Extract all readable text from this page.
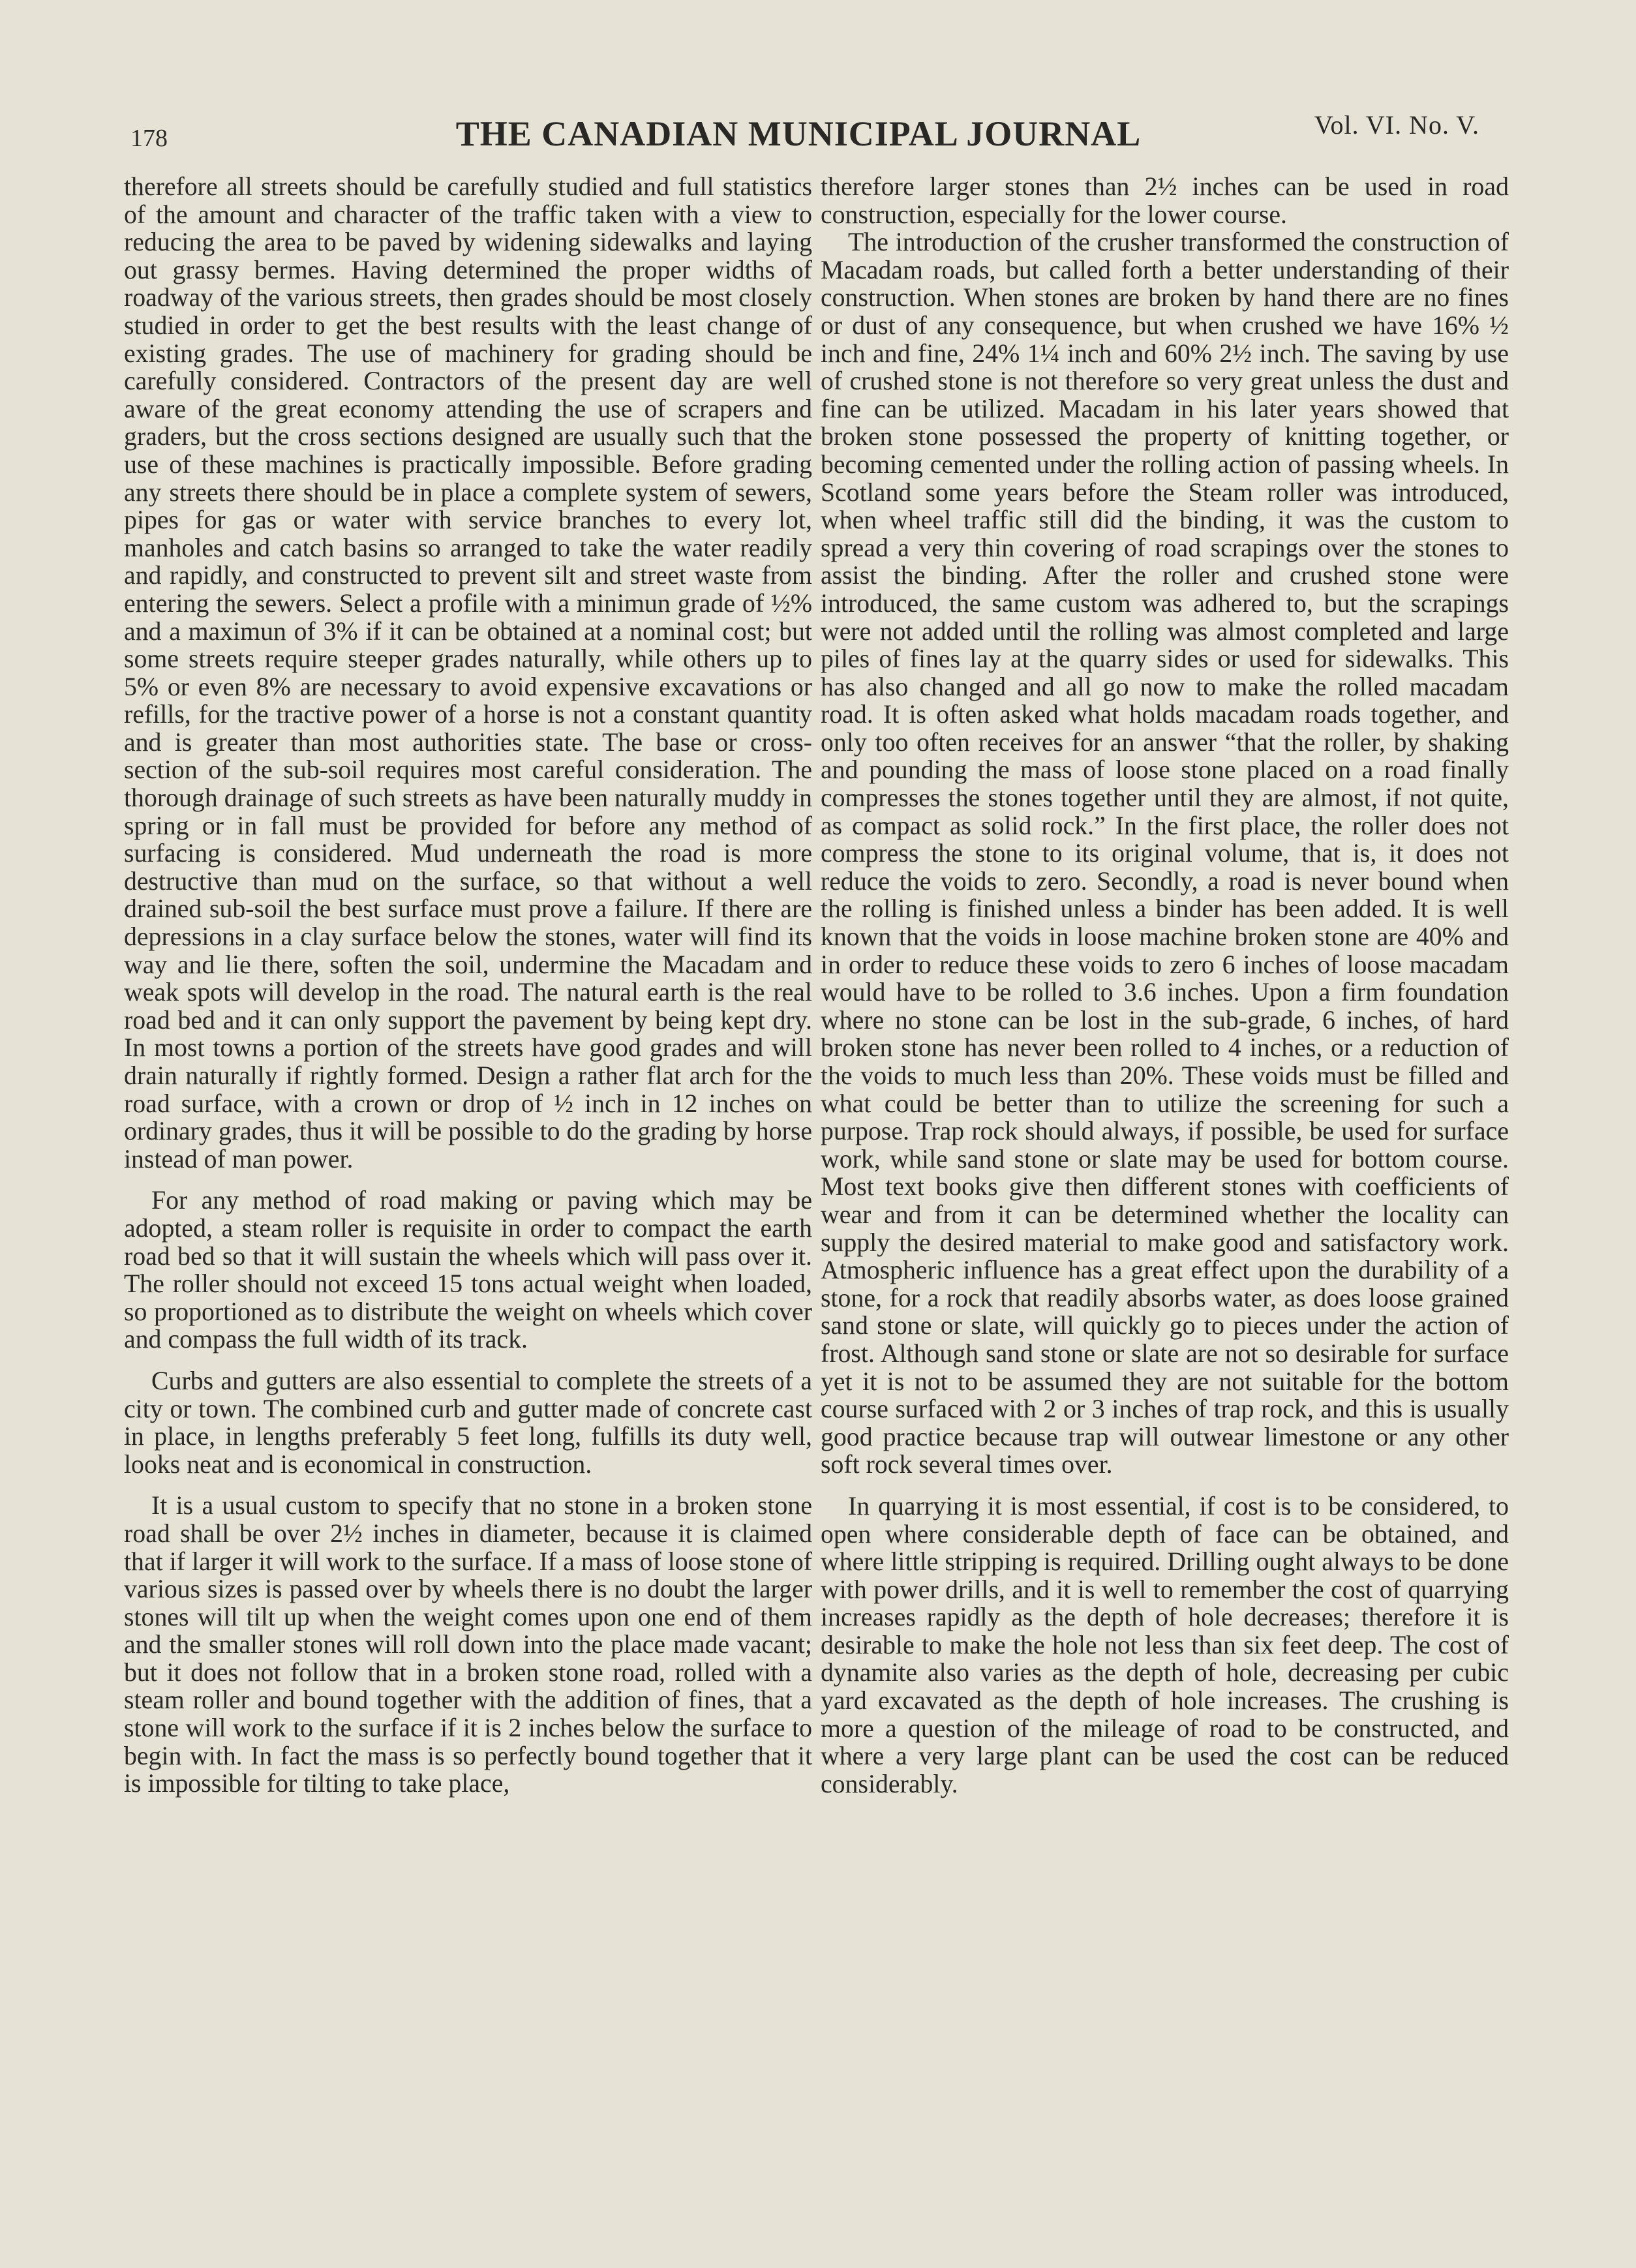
178	THE CANADIAN MUNICIPAL JOURNAL	Vol. VI. No. V.

therefore all streets should be carefully studied and full statistics of the amount and character of the traffic taken with a view to reducing the area to be paved by widening sidewalks and laying out grassy bermes. Having determined the proper widths of roadway of the various streets, then grades should be most closely studied in order to get the best results with the least change of existing grades. The use of machinery for grading should be carefully considered. Contractors of the present day are well aware of the great economy attending the use of scrapers and graders, but the cross sections designed are usually such that the use of these machines is practically impossible. Before grading any streets there should be in place a complete system of sewers, pipes for gas or water with service branches to every lot, manholes and catch basins so arranged to take the water readily and rapidly, and constructed to prevent silt and street waste from entering the sewers. Select a profile with a minimun grade of ½% and a maximun of 3% if it can be obtained at a nominal cost; but some streets require steeper grades naturally, while others up to 5% or even 8% are necessary to avoid expensive excavations or refills, for the tractive power of a horse is not a constant quantity and is greater than most authorities state. The base or cross-section of the sub-soil requires most careful consideration. The thorough drainage of such streets as have been naturally muddy in spring or in fall must be provided for before any method of surfacing is considered. Mud underneath the road is more destructive than mud on the surface, so that without a well drained sub-soil the best surface must prove a failure. If there are depressions in a clay surface below the stones, water will find its way and lie there, soften the soil, undermine the Macadam and weak spots will develop in the road. The natural earth is the real road bed and it can only support the pavement by being kept dry. In most towns a portion of the streets have good grades and will drain naturally if rightly formed. Design a rather flat arch for the road surface, with a crown or drop of ½ inch in 12 inches on ordinary grades, thus it will be possible to do the grading by horse instead of man power.

For any method of road making or paving which may be adopted, a steam roller is requisite in order to compact the earth road bed so that it will sustain the wheels which will pass over it. The roller should not exceed 15 tons actual weight when loaded, so proportioned as to distribute the weight on wheels which cover and compass the full width of its track.

Curbs and gutters are also essential to complete the streets of a city or town. The combined curb and gutter made of concrete cast in place, in lengths preferably 5 feet long, fulfills its duty well, looks neat and is economical in construction.

It is a usual custom to specify that no stone in a broken stone road shall be over 2½ inches in diameter, because it is claimed that if larger it will work to the surface. If a mass of loose stone of various sizes is passed over by wheels there is no doubt the larger stones will tilt up when the weight comes upon one end of them and the smaller stones will roll down into the place made vacant; but it does not follow that in a broken stone road, rolled with a steam roller and bound together with the addition of fines, that a stone will work to the surface if it is 2 inches below the surface to begin with. In fact the mass is so perfectly bound together that it is impossible for tilting to take place,

therefore larger stones than 2½ inches can be used in road construction, especially for the lower course.

The introduction of the crusher transformed the construction of Macadam roads, but called forth a better understanding of their construction. When stones are broken by hand there are no fines or dust of any consequence, but when crushed we have 16% ½ inch and fine, 24% 1¼ inch and 60% 2½ inch. The saving by use of crushed stone is not therefore so very great unless the dust and fine can be utilized. Macadam in his later years showed that broken stone possessed the property of knitting together, or becoming cemented under the rolling action of passing wheels. In Scotland some years before the Steam roller was introduced, when wheel traffic still did the binding, it was the custom to spread a very thin covering of road scrapings over the stones to assist the binding. After the roller and crushed stone were introduced, the same custom was adhered to, but the scrapings were not added until the rolling was almost completed and large piles of fines lay at the quarry sides or used for sidewalks. This has also changed and all go now to make the rolled macadam road. It is often asked what holds macadam roads together, and only too often receives for an answer “that the roller, by shaking and pounding the mass of loose stone placed on a road finally compresses the stones together until they are almost, if not quite, as compact as solid rock.” In the first place, the roller does not compress the stone to its original volume, that is, it does not reduce the voids to zero. Secondly, a road is never bound when the rolling is finished unless a binder has been added. It is well known that the voids in loose machine broken stone are 40% and in order to reduce these voids to zero 6 inches of loose macadam would have to be rolled to 3.6 inches. Upon a firm foundation where no stone can be lost in the sub-grade, 6 inches, of hard broken stone has never been rolled to 4 inches, or a reduction of the voids to much less than 20%. These voids must be filled and what could be better than to utilize the screening for such a purpose. Trap rock should always, if possible, be used for surface work, while sand stone or slate may be used for bottom course. Most text books give then different stones with coefficients of wear and from it can be determined whether the locality can supply the desired material to make good and satisfactory work. Atmospheric influence has a great effect upon the durability of a stone, for a rock that readily absorbs water, as does loose grained sand stone or slate, will quickly go to pieces under the action of frost. Although sand stone or slate are not so desirable for surface yet it is not to be assumed they are not suitable for the bottom course surfaced with 2 or 3 inches of trap rock, and this is usually good practice because trap will outwear limestone or any other soft rock several times over.

In quarrying it is most essential, if cost is to be considered, to open where considerable depth of face can be obtained, and where little stripping is required. Drilling ought always to be done with power drills, and it is well to remember the cost of quarrying increases rapidly as the depth of hole decreases; therefore it is desirable to make the hole not less than six feet deep. The cost of dynamite also varies as the depth of hole, decreasing per cubic yard excavated as the depth of hole increases. The crushing is more a question of the mileage of road to be constructed, and where a very large plant can be used the cost can be reduced considerably.
